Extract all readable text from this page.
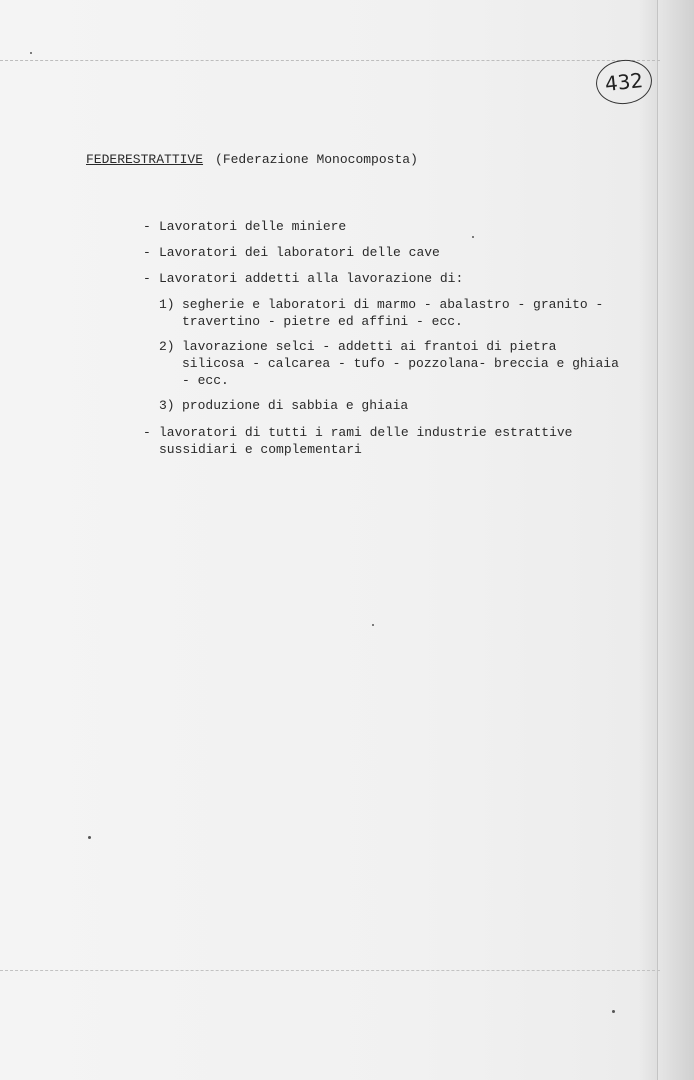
432
FEDERESTRATTIVE (Federazione Monocomposta)
- Lavoratori delle miniere
- Lavoratori dei laboratori delle cave
- Lavoratori addetti alla lavorazione di:
1) segherie e laboratori di marmo - abalastro - granito - travertino - pietre ed affini - ecc.
2) lavorazione selci - addetti ai frantoi di pietra silicosa - calcarea - tufo - pozzolana- breccia e ghiaia - ecc.
3) produzione di sabbia e ghiaia
- lavoratori di tutti i rami delle industrie estrattive sussidiari e complementari
